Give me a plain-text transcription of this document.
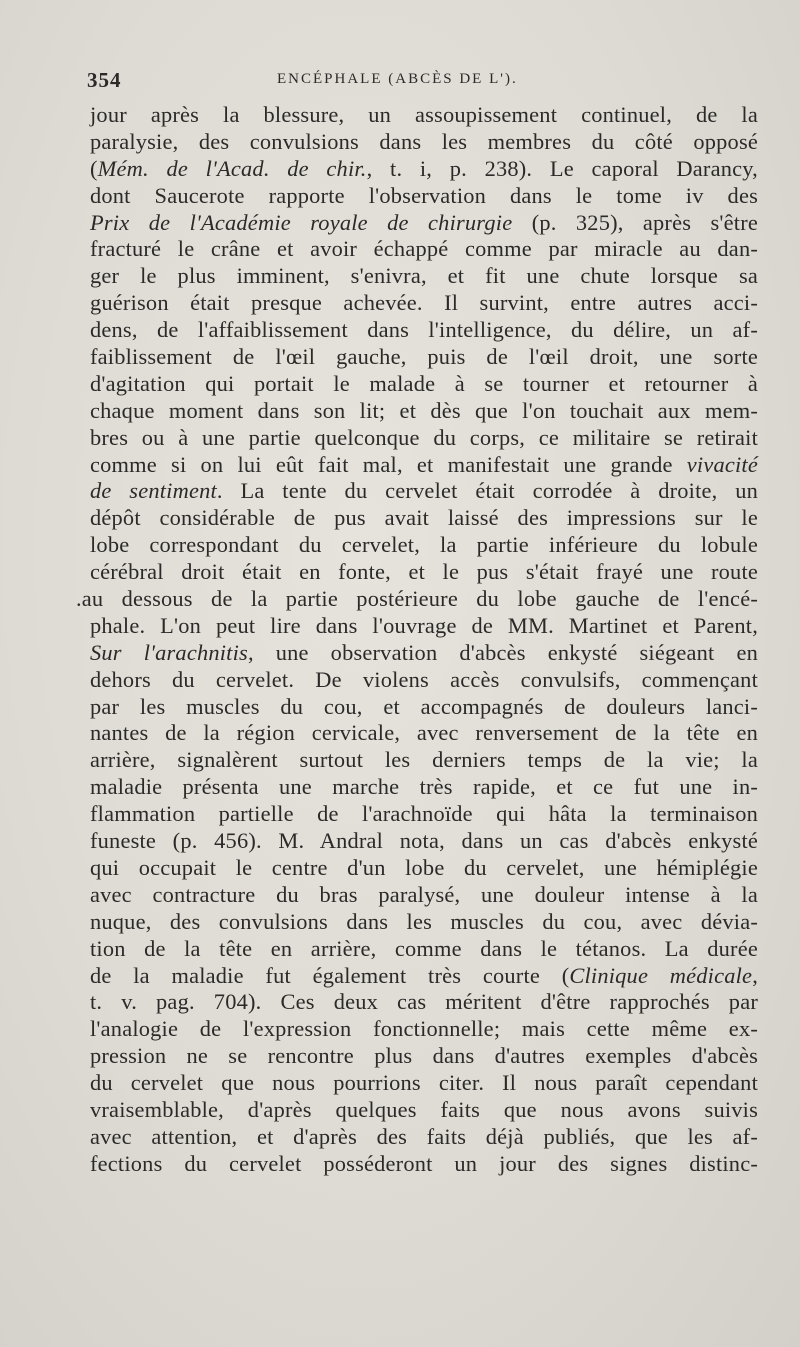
354	ENCÉPHALE (ABCÈS DE L').
jour après la blessure, un assoupissement continuel, de la
paralysie, des convulsions dans les membres du côté opposé
(Mém. de l'Acad. de chir., t. i, p. 238). Le caporal Darancy,
dont Saucerote rapporte l'observation dans le tome iv des
Prix de l'Académie royale de chirurgie (p. 325), après s'être
fracturé le crâne et avoir échappé comme par miracle au dan-
ger le plus imminent, s'enivra, et fit une chute lorsque sa
guérison était presque achevée. Il survint, entre autres acci-
dens, de l'affaiblissement dans l'intelligence, du délire, un af-
faiblissement de l'œil gauche, puis de l'œil droit, une sorte
d'agitation qui portait le malade à se tourner et retourner à
chaque moment dans son lit; et dès que l'on touchait aux mem-
bres ou à une partie quelconque du corps, ce militaire se retirait
comme si on lui eût fait mal, et manifestait une grande vivacité
de sentiment. La tente du cervelet était corrodée à droite, un
dépôt considérable de pus avait laissé des impressions sur le
lobe correspondant du cervelet, la partie inférieure du lobule
cérébral droit était en fonte, et le pus s'était frayé une route
.au dessous de la partie postérieure du lobe gauche de l'encé-
phale. L'on peut lire dans l'ouvrage de MM. Martinet et Parent,
Sur l'arachnitis, une observation d'abcès enkysté siégeant en
dehors du cervelet. De violens accès convulsifs, commençant
par les muscles du cou, et accompagnés de douleurs lanci-
nantes de la région cervicale, avec renversement de la tête en
arrière, signalèrent surtout les derniers temps de la vie; la
maladie présenta une marche très rapide, et ce fut une in-
flammation partielle de l'arachnoïde qui hâta la terminaison
funeste (p. 456). M. Andral nota, dans un cas d'abcès enkysté
qui occupait le centre d'un lobe du cervelet, une hémiplégie
avec contracture du bras paralysé, une douleur intense à la
nuque, des convulsions dans les muscles du cou, avec dévia-
tion de la tête en arrière, comme dans le tétanos. La durée
de la maladie fut également très courte (Clinique médicale,
t. v. pag. 704). Ces deux cas méritent d'être rapprochés par
l'analogie de l'expression fonctionnelle; mais cette même ex-
pression ne se rencontre plus dans d'autres exemples d'abcès
du cervelet que nous pourrions citer. Il nous paraît cependant
vraisemblable, d'après quelques faits que nous avons suivis
avec attention, et d'après des faits déjà publiés, que les af-
fections du cervelet posséderont un jour des signes distinc-
